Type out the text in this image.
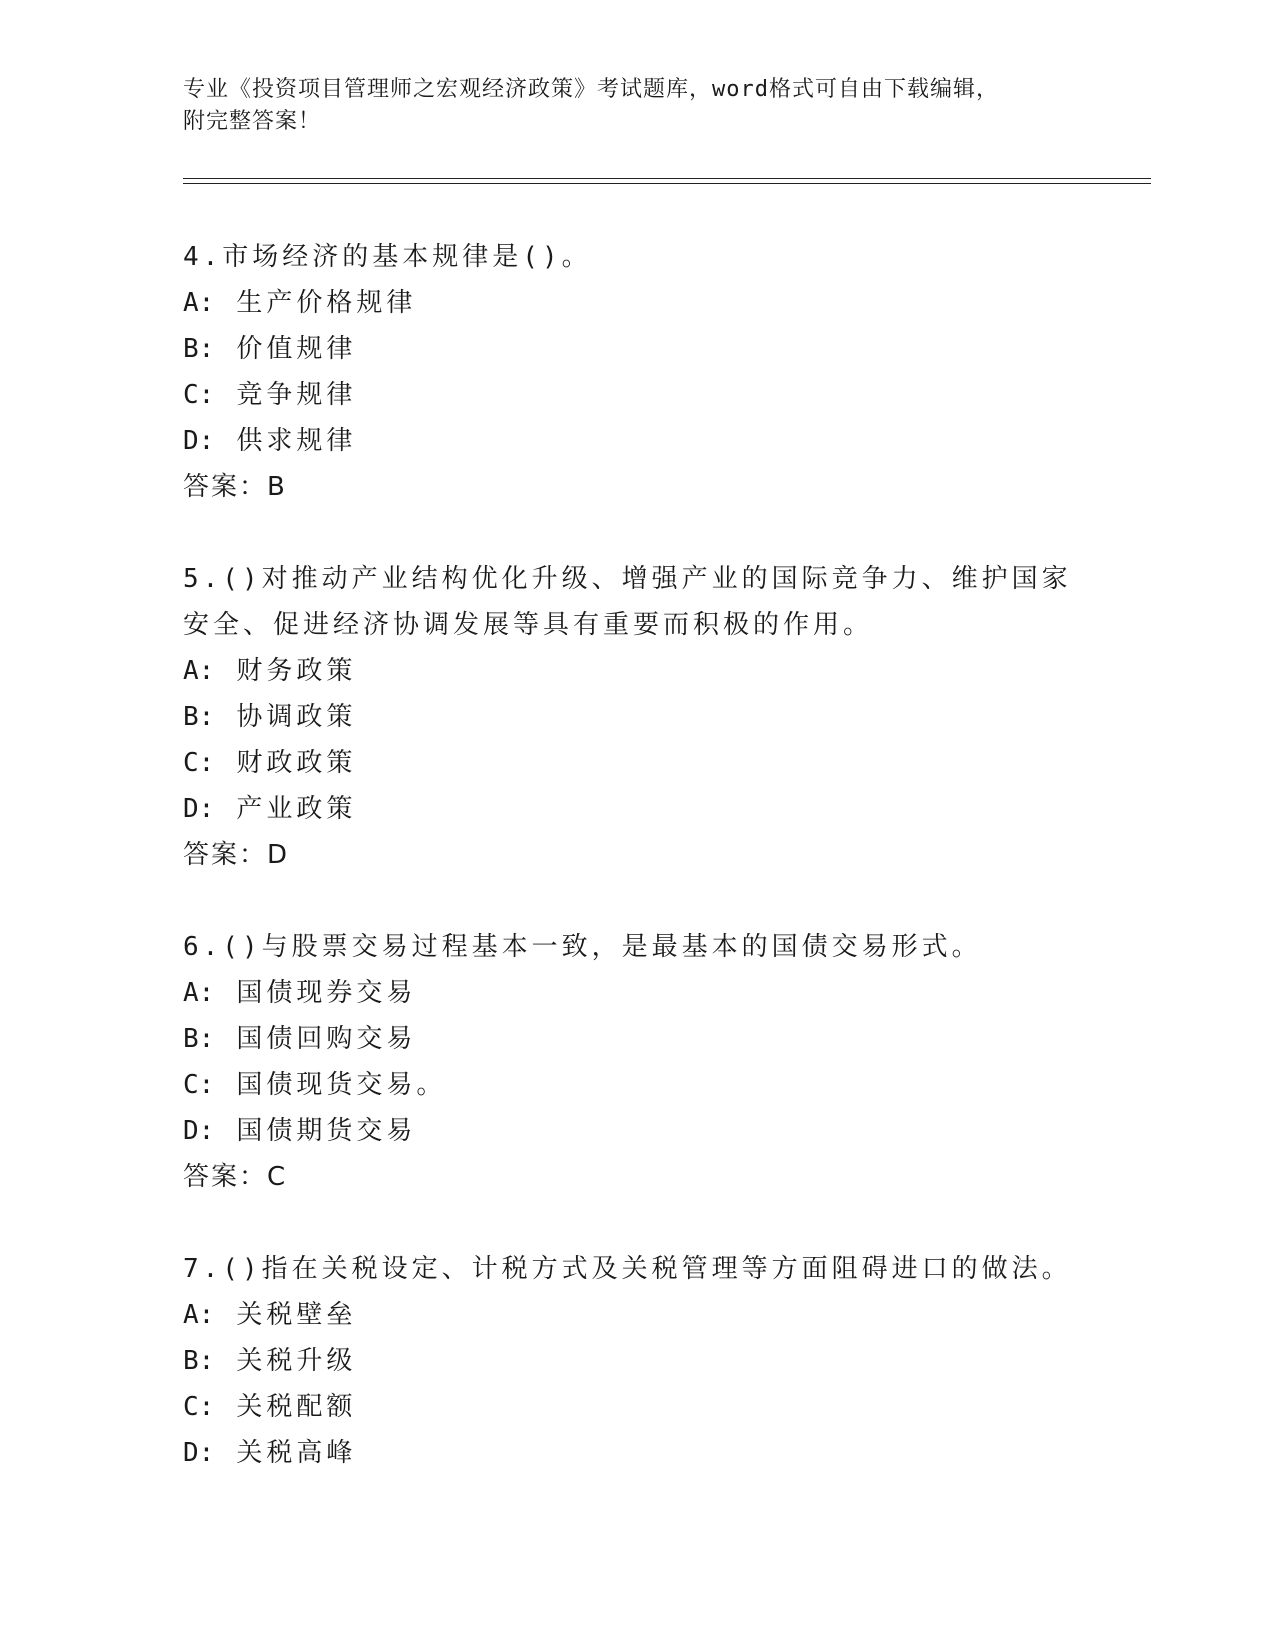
专业《投资项目管理师之宏观经济政策》考试题库，word格式可自由下载编辑，
附完整答案！
4.市场经济的基本规律是()。
A: 生产价格规律
B: 价值规律
C: 竞争规律
D: 供求规律
答案：B
5.()对推动产业结构优化升级、增强产业的国际竞争力、维护国家安全、促进经济协调发展等具有重要而积极的作用。
A: 财务政策
B: 协调政策
C: 财政政策
D: 产业政策
答案：D
6.()与股票交易过程基本一致，是最基本的国债交易形式。
A: 国债现券交易
B: 国债回购交易
C: 国债现货交易。
D: 国债期货交易
答案：C
7.()指在关税设定、计税方式及关税管理等方面阻碍进口的做法。
A: 关税壁垒
B: 关税升级
C: 关税配额
D: 关税高峰
